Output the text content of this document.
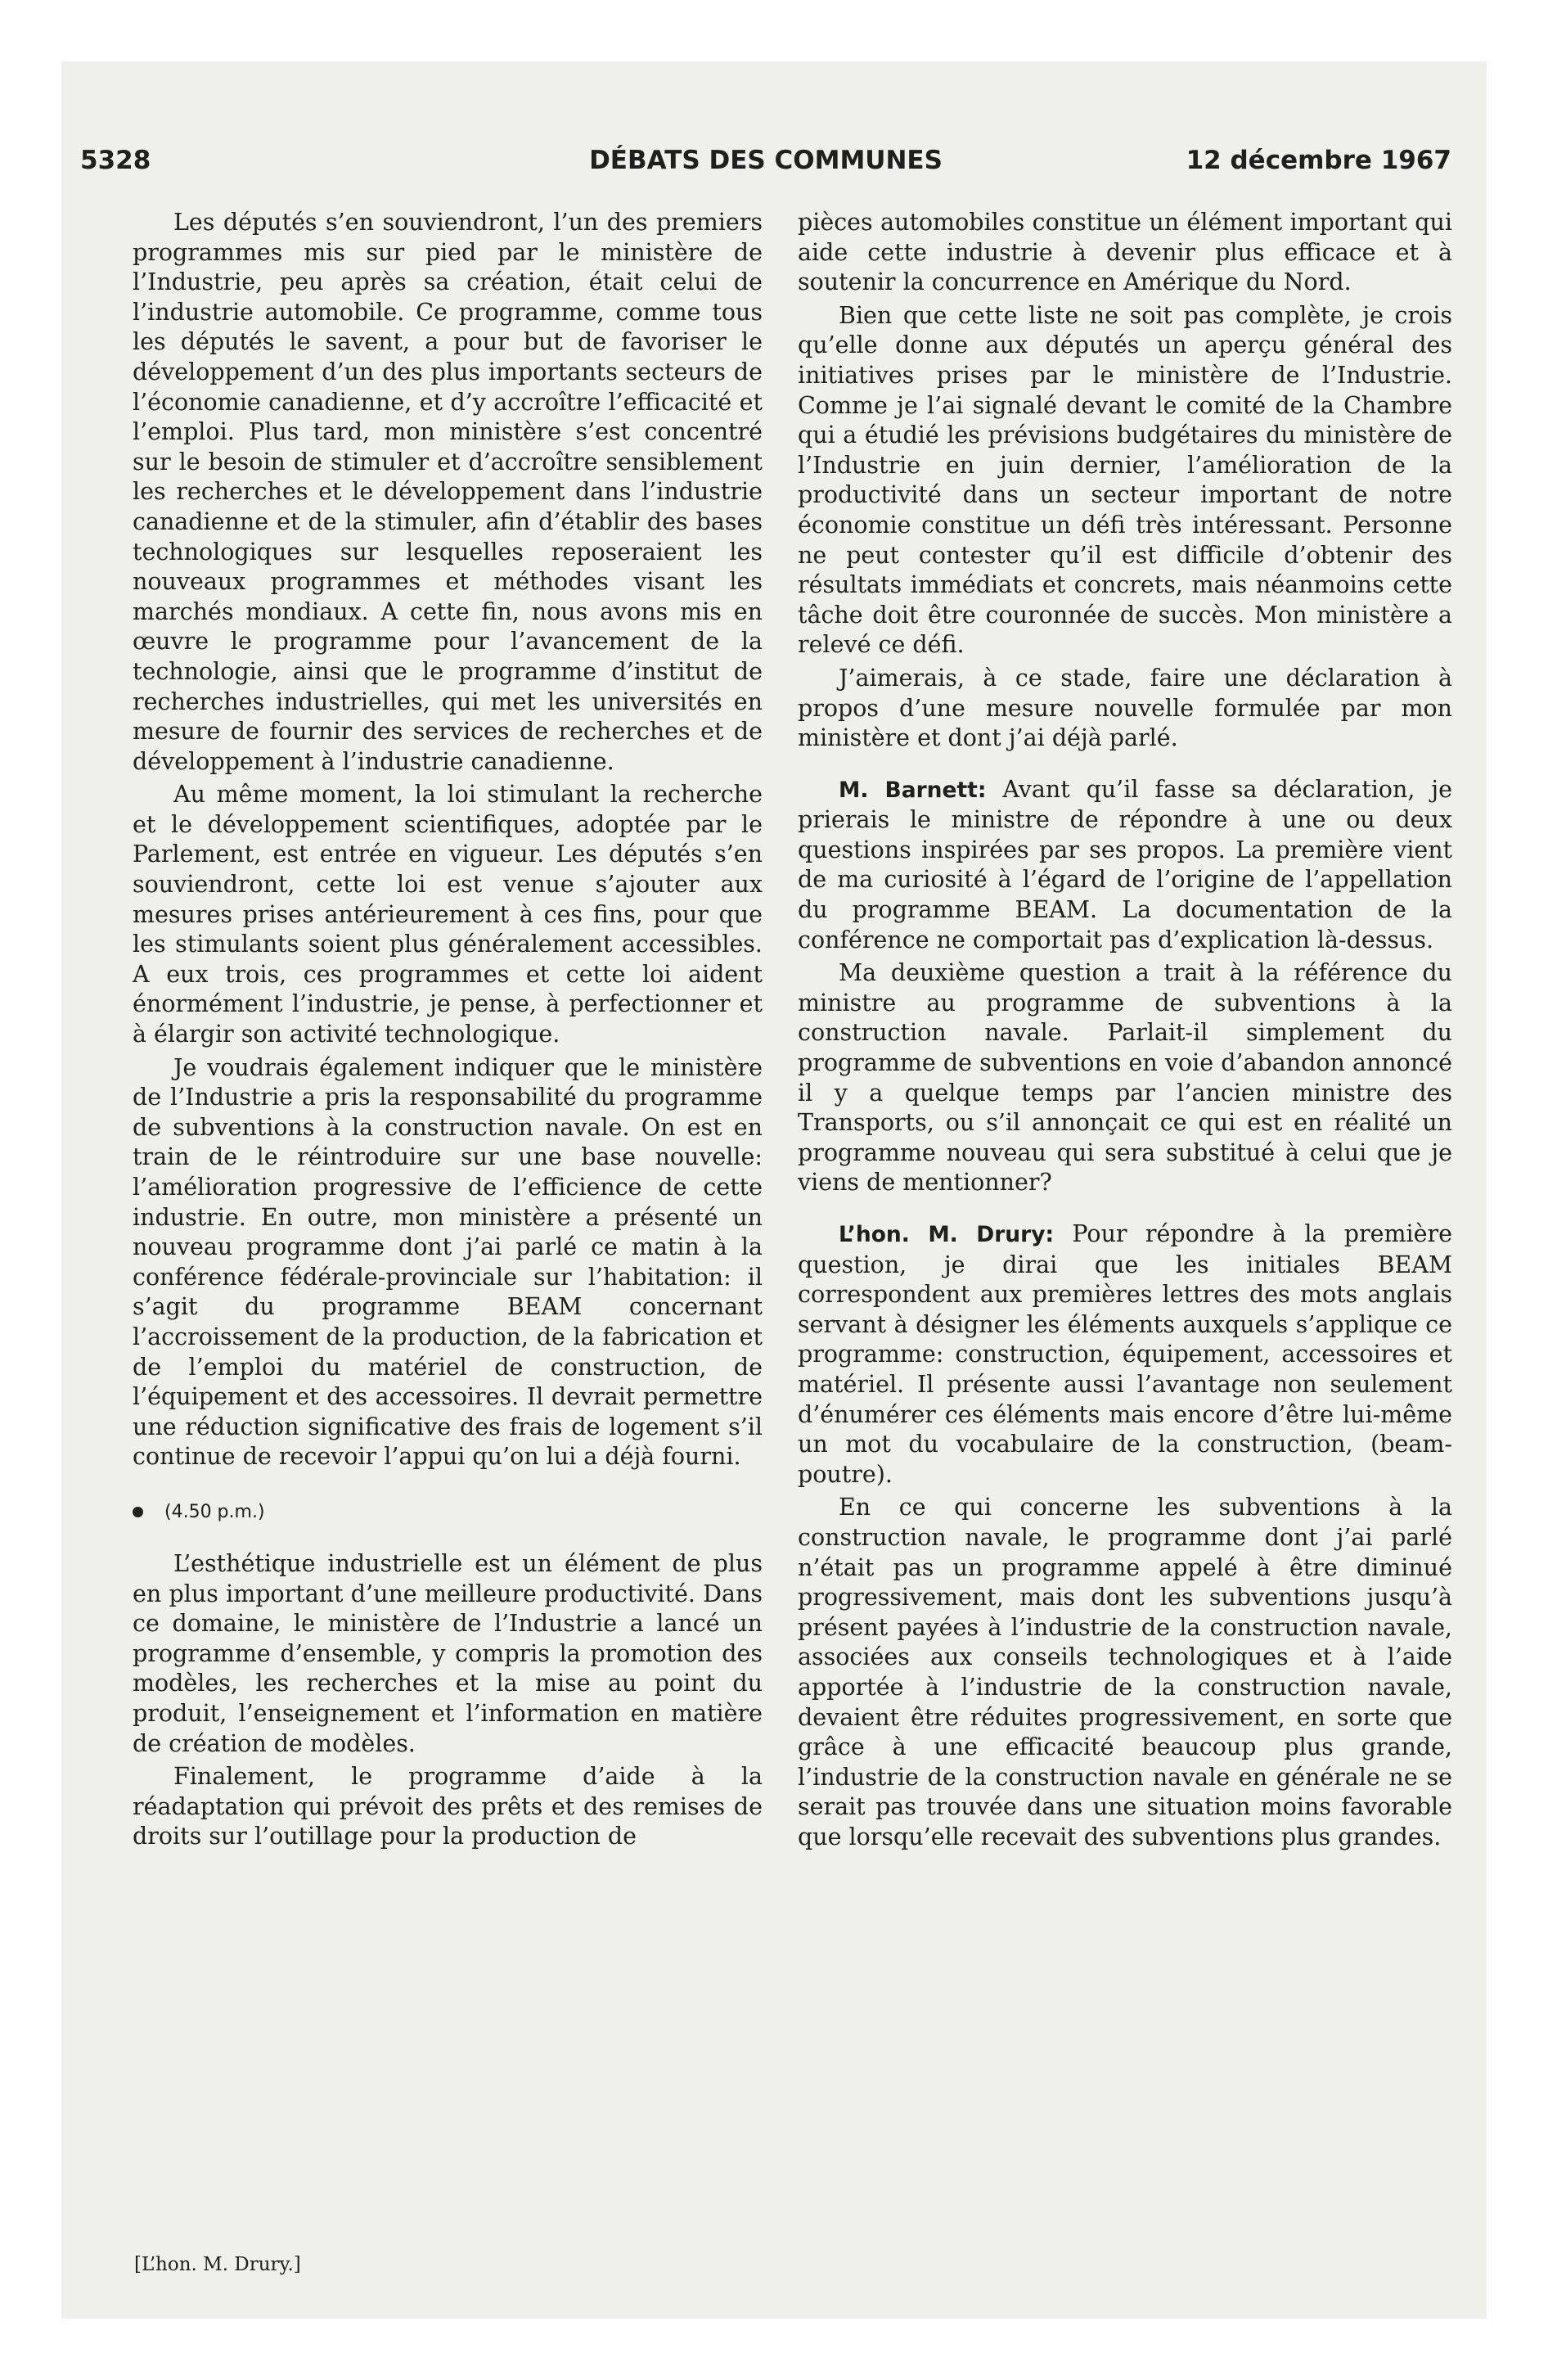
5328	DÉBATS DES COMMUNES	12 décembre 1967

Les députés s’en souviendront, l’un des premiers programmes mis sur pied par le ministère de l’Industrie, peu après sa création, était celui de l’industrie automobile. Ce programme, comme tous les députés le savent, a pour but de favoriser le développement d’un des plus importants secteurs de l’économie canadienne, et d’y accroître l’efficacité et l’emploi. Plus tard, mon ministère s’est concentré sur le besoin de stimuler et d’accroître sensiblement les recherches et le développement dans l’industrie canadienne et de la stimuler, afin d’établir des bases technologiques sur lesquelles reposeraient les nouveaux programmes et méthodes visant les marchés mondiaux. A cette fin, nous avons mis en œuvre le programme pour l’avancement de la technologie, ainsi que le programme d’institut de recherches industrielles, qui met les universités en mesure de fournir des services de recherches et de développement à l’industrie canadienne.

Au même moment, la loi stimulant la recherche et le développement scientifiques, adoptée par le Parlement, est entrée en vigueur. Les députés s’en souviendront, cette loi est venue s’ajouter aux mesures prises antérieurement à ces fins, pour que les stimulants soient plus généralement accessibles. A eux trois, ces programmes et cette loi aident énormément l’industrie, je pense, à perfectionner et à élargir son activité technologique.

Je voudrais également indiquer que le ministère de l’Industrie a pris la responsabilité du programme de subventions à la construction navale. On est en train de le réintroduire sur une base nouvelle: l’amélioration progressive de l’efficience de cette industrie. En outre, mon ministère a présenté un nouveau programme dont j’ai parlé ce matin à la conférence fédérale-provinciale sur l’habitation: il s’agit du programme BEAM concernant l’accroissement de la production, de la fabrication et de l’emploi du matériel de construction, de l’équipement et des accessoires. Il devrait permettre une réduction significative des frais de logement s’il continue de recevoir l’appui qu’on lui a déjà fourni.

(4.50 p.m.)

L’esthétique industrielle est un élément de plus en plus important d’une meilleure productivité. Dans ce domaine, le ministère de l’Industrie a lancé un programme d’ensemble, y compris la promotion des modèles, les recherches et la mise au point du produit, l’enseignement et l’information en matière de création de modèles.

Finalement, le programme d’aide à la réadaptation qui prévoit des prêts et des remises de droits sur l’outillage pour la production de

pièces automobiles constitue un élément important qui aide cette industrie à devenir plus efficace et à soutenir la concurrence en Amérique du Nord.

Bien que cette liste ne soit pas complète, je crois qu’elle donne aux députés un aperçu général des initiatives prises par le ministère de l’Industrie. Comme je l’ai signalé devant le comité de la Chambre qui a étudié les prévisions budgétaires du ministère de l’Industrie en juin dernier, l’amélioration de la productivité dans un secteur important de notre économie constitue un défi très intéressant. Personne ne peut contester qu’il est difficile d’obtenir des résultats immédiats et concrets, mais néanmoins cette tâche doit être couronnée de succès. Mon ministère a relevé ce défi.

J’aimerais, à ce stade, faire une déclaration à propos d’une mesure nouvelle formulée par mon ministère et dont j’ai déjà parlé.

M. Barnett: Avant qu’il fasse sa déclaration, je prierais le ministre de répondre à une ou deux questions inspirées par ses propos. La première vient de ma curiosité à l’égard de l’origine de l’appellation du programme BEAM. La documentation de la conférence ne comportait pas d’explication là-dessus.

Ma deuxième question a trait à la référence du ministre au programme de subventions à la construction navale. Parlait-il simplement du programme de subventions en voie d’abandon annoncé il y a quelque temps par l’ancien ministre des Transports, ou s’il annonçait ce qui est en réalité un programme nouveau qui sera substitué à celui que je viens de mentionner?

L’hon. M. Drury: Pour répondre à la première question, je dirai que les initiales BEAM correspondent aux premières lettres des mots anglais servant à désigner les éléments auxquels s’applique ce programme: construction, équipement, accessoires et matériel. Il présente aussi l’avantage non seulement d’énumérer ces éléments mais encore d’être lui-même un mot du vocabulaire de la construction, (beam-poutre).

En ce qui concerne les subventions à la construction navale, le programme dont j’ai parlé n’était pas un programme appelé à être diminué progressivement, mais dont les subventions jusqu’à présent payées à l’industrie de la construction navale, associées aux conseils technologiques et à l’aide apportée à l’industrie de la construction navale, devaient être réduites progressivement, en sorte que grâce à une efficacité beaucoup plus grande, l’industrie de la construction navale en générale ne se serait pas trouvée dans une situation moins favorable que lorsqu’elle recevait des subventions plus grandes.

[L’hon. M. Drury.]
